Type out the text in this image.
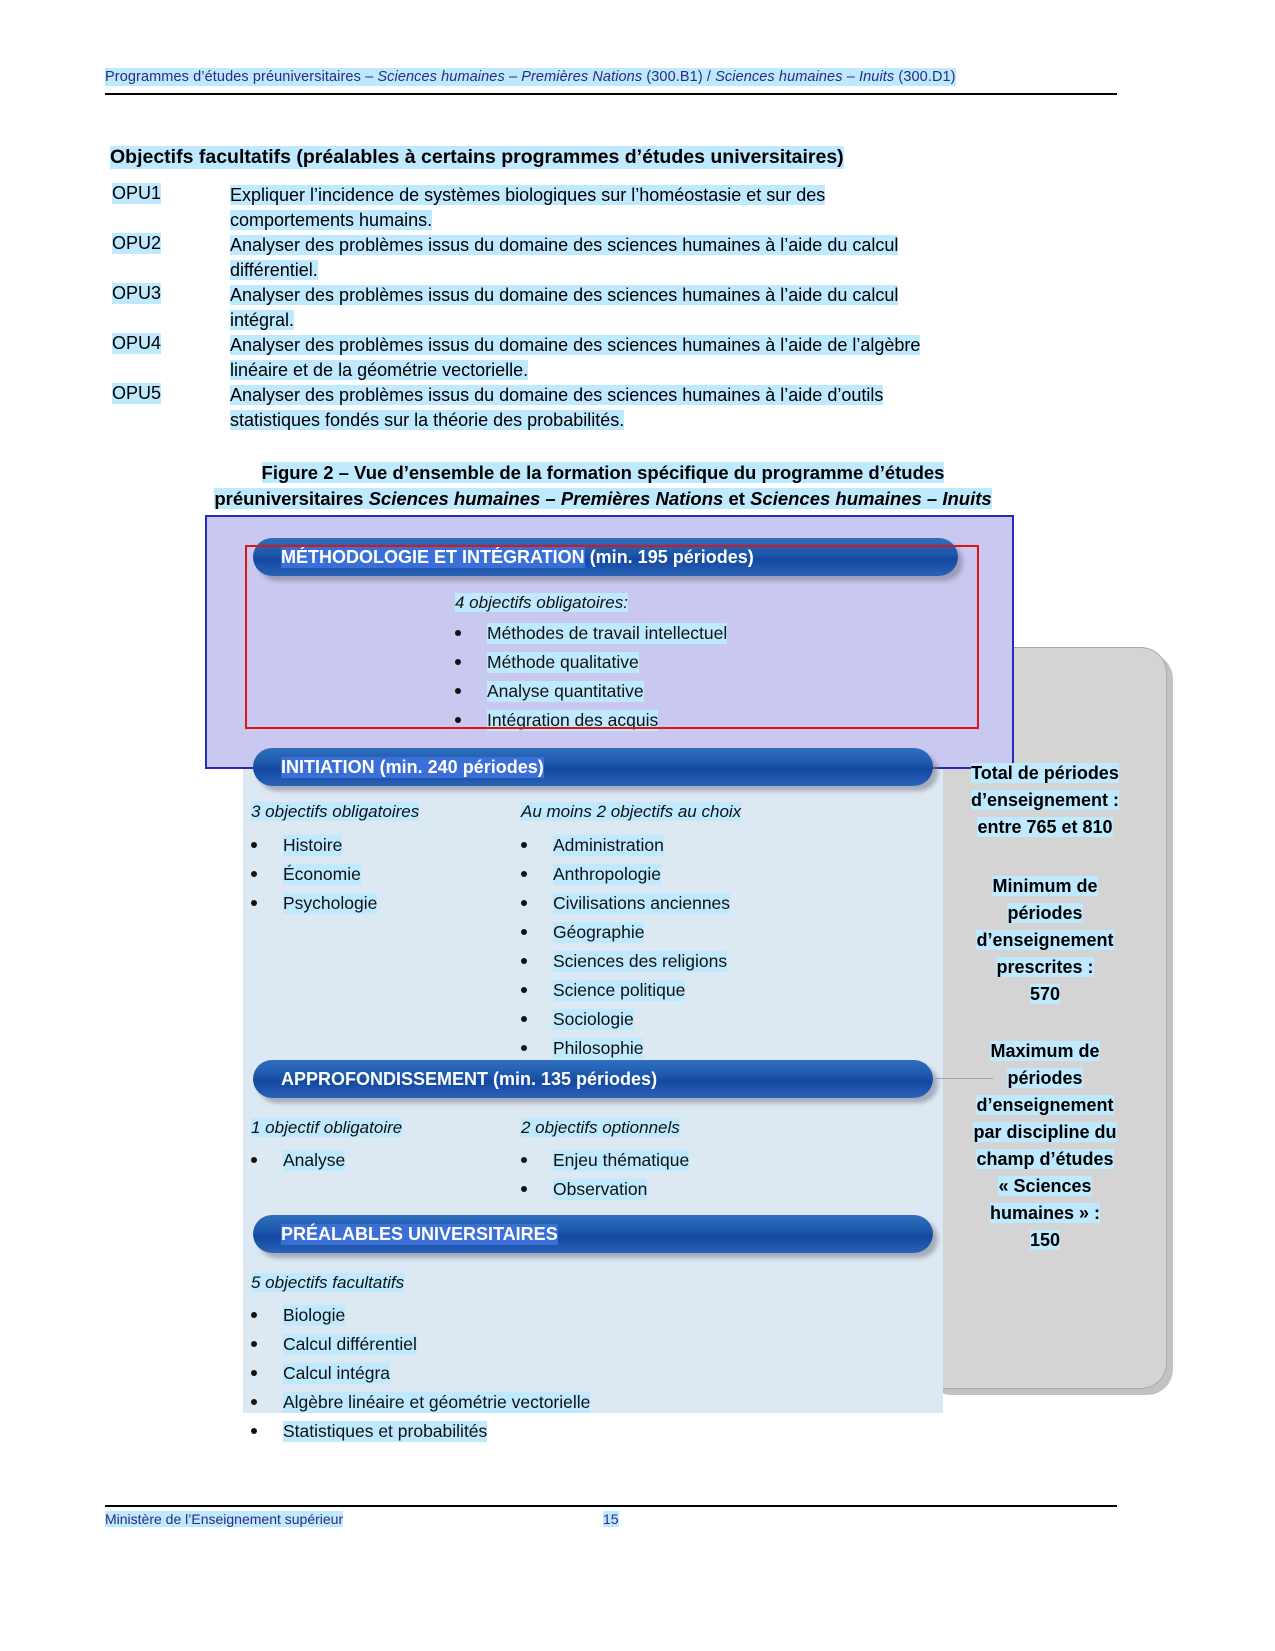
Programmes d’études préuniversitaires – Sciences humaines – Premières Nations (300.B1) / Sciences humaines – Inuits (300.D1)
Objectifs facultatifs (préalables à certains programmes d’études universitaires)
OPU1	Expliquer l’incidence de systèmes biologiques sur l’homéostasie et sur des
comportements humains.
OPU2	Analyser des problèmes issus du domaine des sciences humaines à l’aide du calcul
différentiel.
OPU3	Analyser des problèmes issus du domaine des sciences humaines à l’aide du calcul
intégral.
OPU4	Analyser des problèmes issus du domaine des sciences humaines à l’aide de l’algèbre
linéaire et de la géométrie vectorielle.
OPU5	Analyser des problèmes issus du domaine des sciences humaines à l’aide d’outils
statistiques fondés sur la théorie des probabilités.
Figure 2 – Vue d’ensemble de la formation spécifique du programme d’études
préuniversitaires Sciences humaines – Premières Nations et Sciences humaines – Inuits
MÉTHODOLOGIE ET INTÉGRATION
(min. 195 périodes)
4 objectifs obligatoires:
Méthodes de travail intellectuel
Méthode qualitative
Analyse quantitative
Intégration des acquis
INITIATION (min. 240 périodes)
3 objectifs obligatoires	Au moins 2 objectifs au choix
Histoire
Économie
Psychologie
Administration
Anthropologie
Civilisations anciennes
Géographie
Sciences des religions
Science politique
Sociologie
Philosophie
APPROFONDISSEMENT (min. 135 périodes)
1 objectif obligatoire	2 objectifs optionnels
Analyse	Enjeu thématique
Observation
PRÉALABLES UNIVERSITAIRES
5 objectifs facultatifs
Biologie
Calcul différentiel
Calcul intégra
Algèbre linéaire et géométrie vectorielle
Statistiques et probabilités
Total de périodes
d’enseignement :
entre 765 et 810
Minimum de
périodes
d’enseignement
prescrites :
570
Maximum de
périodes
d’enseignement
par discipline du
champ d’études
« Sciences
humaines » :
150
Ministère de l’Enseignement supérieur	15
